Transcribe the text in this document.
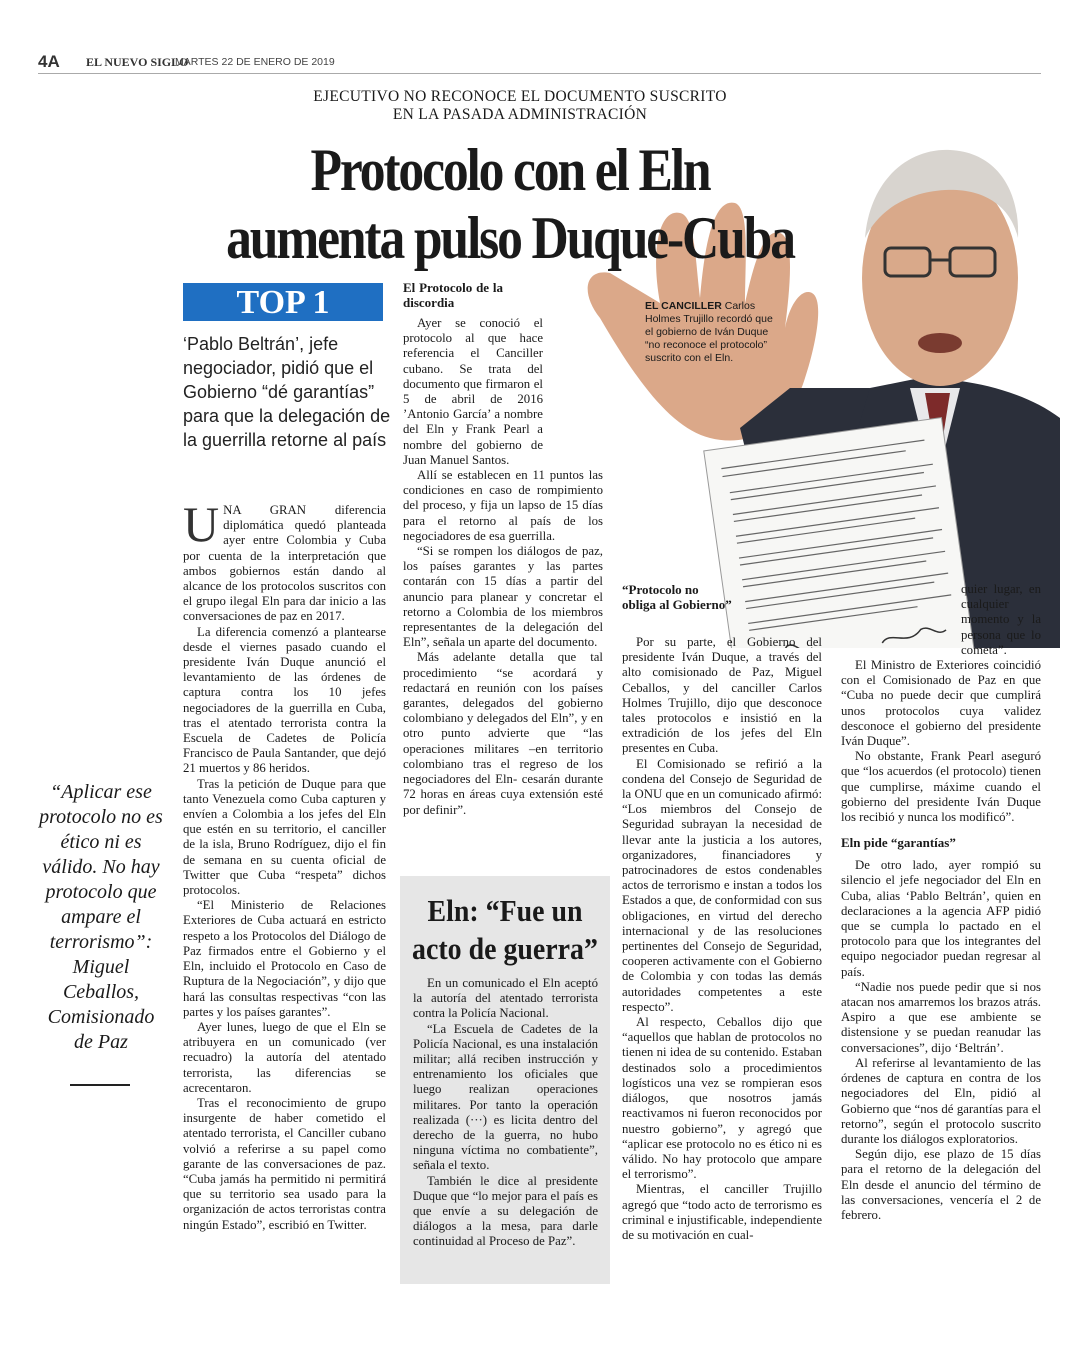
4A EL NUEVO SIGLO
MARTES 22 DE ENERO DE 2019
EJECUTIVO NO RECONOCE EL DOCUMENTO SUSCRITO
EN LA PASADA ADMINISTRACIÓN
Protocolo con el Eln
aumenta pulso Duque-Cuba
TOP 1
‘Pablo Beltrán’, jefe negociador, pidió que el Gobierno “dé garantías” para que la delegación de la guerrilla retorne al país

UNA GRAN diferencia diplomática quedó planteada ayer entre Colombia y Cuba por cuenta de la interpretación que ambos gobiernos están dando al alcance de los protocolos suscritos con el grupo ilegal Eln para dar inicio a las conversaciones de paz en 2017.

La diferencia comenzó a plantearse desde el viernes pasado cuando el presidente Iván Duque anunció el levantamiento de las órdenes de captura contra los 10 jefes negociadores de la guerrilla en Cuba, tras el atentado terrorista contra la Escuela de Cadetes de Policía Francisco de Paula Santander, que dejó 21 muertos y 86 heridos.

Tras la petición de Duque para que tanto Venezuela como Cuba capturen y envíen a Colombia a los jefes del Eln que estén en su territorio, el canciller de la isla, Bruno Rodríguez, dijo el fin de semana en su cuenta oficial de Twitter que Cuba “respeta” dichos protocolos.

“El Ministerio de Relaciones Exteriores de Cuba actuará en estricto respeto a los Protocolos del Diálogo de Paz firmados entre el Gobierno y el Eln, incluido el Protocolo en Caso de Ruptura de la Negociación”, y dijo que hará las consultas respectivas “con las partes y los países garantes”.

Ayer lunes, luego de que el Eln se atribuyera en un comunicado (ver recuadro) la autoría del atentado terrorista, las diferencias se acrecentaron.

Tras el reconocimiento de grupo insurgente de haber cometido el atentado terrorista, el Canciller cubano volvió a referirse a su papel como garante de las conversaciones de paz. “Cuba jamás ha permitido ni permitirá que su territorio sea usado para la organización de actos terroristas contra ningún Estado”, escribió en Twitter.

“Aplicar ese protocolo no es ético ni es válido. No hay protocolo que ampare el terrorismo”: Miguel Ceballos, Comisionado de Paz
El Protocolo de la discordia

Ayer se conoció el protocolo al que hace referencia el Canciller cubano. Se trata del documento que firmaron el 5 de abril de 2016 ’Antonio García’ a nombre del Eln y Frank Pearl a nombre del gobierno de Juan Manuel Santos.

Allí se establecen en 11 puntos las condiciones en caso de rompimiento del proceso, y fija un lapso de 15 días para el retorno al país de los negociadores de esa guerrilla.

“Si se rompen los diálogos de paz, los países garantes y las partes contarán con 15 días a partir del anuncio para planear y concretar el retorno a Colombia de los miembros representantes de la delegación del Eln”, señala un aparte del documento.

Más adelante detalla que tal procedimiento “se acordará y redactará en reunión con los países garantes, delegados del gobierno colombiano y delegados del Eln”, y en otro punto advierte que “las operaciones militares –en territorio colombiano tras el regreso de los negociadores del Eln- cesarán durante 72 horas en áreas cuya extensión esté por definir”.

Eln: “Fue un acto de guerra”

En un comunicado el Eln aceptó la autoría del atentado terrorista contra la Policía Nacional.

“La Escuela de Cadetes de la Policía Nacional, es una instalación militar; allá reciben instrucción y entrenamiento los oficiales que luego realizan operaciones militares. Por tanto la operación realizada (···) es licita dentro del derecho de la guerra, no hubo ninguna víctima no combatiente”, señala el texto.

También le dice al presidente Duque que “lo mejor para el país es que envíe a su delegación de diálogos a la mesa, para darle continuidad al Proceso de Paz”.

EL CANCILLER Carlos Holmes Trujillo recordó que el gobierno de Iván Duque “no reconoce el protocolo” suscrito con el Eln.
“Protocolo no obliga al Gobierno”

Por su parte, el Gobierno del presidente Iván Duque, a través del alto comisionado de Paz, Miguel Ceballos, y del canciller Carlos Holmes Trujillo, dijo que desconoce tales protocolos e insistió en la extradición de los jefes del Eln presentes en Cuba.

El Comisionado se refirió a la condena del Consejo de Seguridad de la ONU que en un comunicado afirmó: “Los miembros del Consejo de Seguridad subrayan la necesidad de llevar ante la justicia a los autores, organizadores, financiadores y patrocinadores de estos condenables actos de terrorismo e instan a todos los Estados a que, de conformidad con sus obligaciones, en virtud del derecho internacional y de las resoluciones pertinentes del Consejo de Seguridad, cooperen activamente con el Gobierno de Colombia y con todas las demás autoridades competentes a este respecto”.

Al respecto, Ceballos dijo que “aquellos que hablan de protocolos no tienen ni idea de su contenido. Estaban destinados solo a procedimientos logísticos una vez se rompieran esos diálogos, que nosotros jamás reactivamos ni fueron reconocidos por nuestro gobierno”, y agregó que “aplicar ese protocolo no es ético ni es válido. No hay protocolo que ampare el terrorismo”.

Mientras, el canciller Trujillo agregó que “todo acto de terrorismo es criminal e injustificable, independiente de su motivación en cual-

quier lugar, en cualquier momento y la persona que lo cometa”.

El Ministro de Exteriores coincidió con el Comisionado de Paz en que “Cuba no puede decir que cumplirá unos protocolos cuya validez desconoce el gobierno del presidente Iván Duque”.

No obstante, Frank Pearl aseguró que “los acuerdos (el protocolo) tienen que cumplirse, máxime cuando el gobierno del presidente Iván Duque los recibió y nunca los modificó”.

Eln pide “garantías”

De otro lado, ayer rompió su silencio el jefe negociador del Eln en Cuba, alias ‘Pablo Beltrán’, quien en declaraciones a la agencia AFP pidió que se cumpla lo pactado en el protocolo para que los integrantes del equipo negociador puedan regresar al país.

“Nadie nos puede pedir que si nos atacan nos amarremos los brazos atrás. Aspiro a que ese ambiente se distensione y se puedan reanudar las conversaciones”, dijo ‘Beltrán’.

Al referirse al levantamiento de las órdenes de captura en contra de los negociadores del Eln, pidió al Gobierno que “nos dé garantías para el retorno”, según el protocolo suscrito durante los diálogos exploratorios.

Según dijo, ese plazo de 15 días para el retorno de la delegación del Eln desde el anuncio del término de las conversaciones, vencería el 2 de febrero.
